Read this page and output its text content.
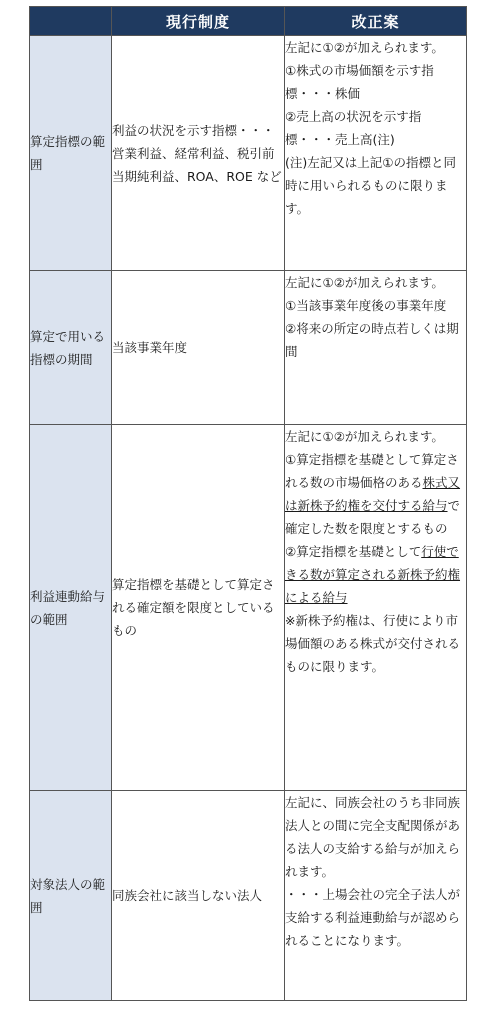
	現行制度	改正案
算定指標の範囲	利益の状況を示す指標・・・営業利益、経常利益、税引前当期純利益、ROA、ROE など	左記に①②が加えられます。
①株式の市場価額を示す指標・・・株価
②売上高の状況を示す指標・・・売上高(注)
(注)左記又は上記①の指標と同時に用いられるものに限ります。

算定で用いる指標の期間	当該事業年度	左記に①②が加えられます。
①当該事業年度後の事業年度
②将来の所定の時点若しくは期間

利益連動給与の範囲	算定指標を基礎として算定される確定額を限度としているもの	左記に①②が加えられます。
①算定指標を基礎として算定される数の市場価格のある株式又は新株予約権を交付する給与で確定した数を限度とするもの
②算定指標を基礎として行使できる数が算定される新株予約権による給与
※新株予約権は、行使により市場価額のある株式が交付されるものに限ります。

対象法人の範囲	同族会社に該当しない法人	左記に、同族会社のうち非同族法人との間に完全支配関係がある法人の支給する給与が加えられます。
・・・上場会社の完全子法人が支給する利益連動給与が認められることになります。
